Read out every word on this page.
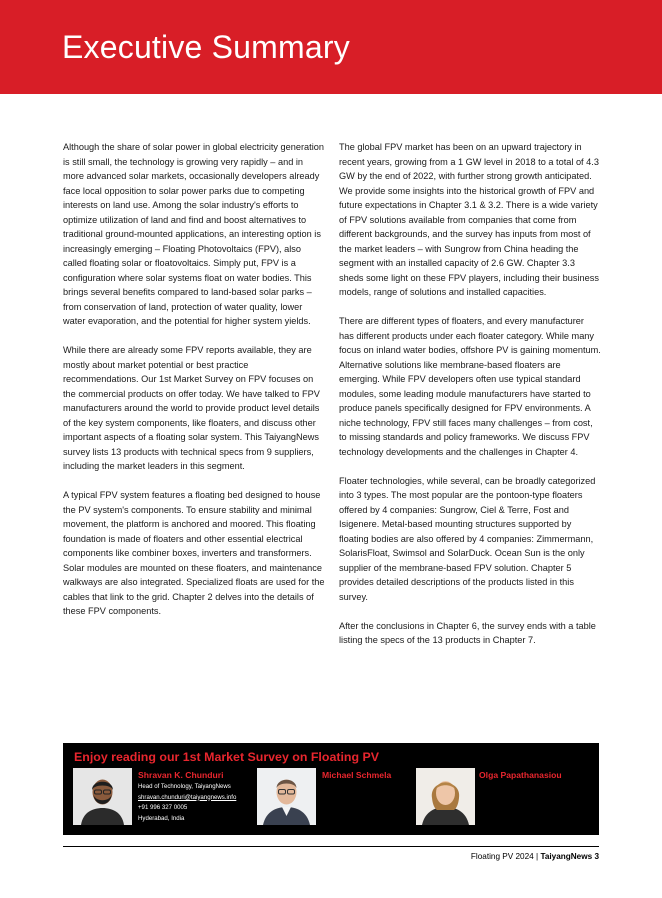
Executive Summary

Although the share of solar power in global electricity generation is still small, the technology is growing very rapidly – and in more advanced solar markets, occasionally developers already face local opposition to solar power parks due to competing interests on land use. Among the solar industry's efforts to optimize utilization of land and find and boost alternatives to traditional ground-mounted applications, an interesting option is increasingly emerging – Floating Photovoltaics (FPV), also called floating solar or floatovoltaics. Simply put, FPV is a configuration where solar systems float on water bodies. This brings several benefits compared to land-based solar parks – from conservation of land, protection of water quality, lower water evaporation, and the potential for higher system yields.

While there are already some FPV reports available, they are mostly about market potential or best practice recommendations. Our 1st Market Survey on FPV focuses on the commercial products on offer today. We have talked to FPV manufacturers around the world to provide product level details of the key system components, like floaters, and discuss other important aspects of a floating solar system. This TaiyangNews survey lists 13 products with technical specs from 9 suppliers, including the market leaders in this segment.

A typical FPV system features a floating bed designed to house the PV system's components. To ensure stability and minimal movement, the platform is anchored and moored. This floating foundation is made of floaters and other essential electrical components like combiner boxes, inverters and transformers. Solar modules are mounted on these floaters, and maintenance walkways are also integrated. Specialized floats are used for the cables that link to the grid. Chapter 2 delves into the details of these FPV components.

The global FPV market has been on an upward trajectory in recent years, growing from a 1 GW level in 2018 to a total of 4.3 GW by the end of 2022, with further strong growth anticipated. We provide some insights into the historical growth of FPV and future expectations in Chapter 3.1 & 3.2. There is a wide variety of FPV solutions available from companies that come from different backgrounds, and the survey has inputs from most of the market leaders – with Sungrow from China heading the segment with an installed capacity of 2.6 GW. Chapter 3.3 sheds some light on these FPV players, including their business models, range of solutions and installed capacities.

There are different types of floaters, and every manufacturer has different products under each floater category. While many focus on inland water bodies, offshore PV is gaining momentum. Alternative solutions like membrane-based floaters are emerging. While FPV developers often use typical standard modules, some leading module manufacturers have started to produce panels specifically designed for FPV environments. A niche technology, FPV still faces many challenges – from cost, to missing standards and policy frameworks. We discuss FPV technology developments and the challenges in Chapter 4.

Floater technologies, while several, can be broadly categorized into 3 types. The most popular are the pontoon-type floaters offered by 4 companies: Sungrow, Ciel & Terre, Fost and Isigenere. Metal-based mounting structures supported by floating bodies are also offered by 4 companies: Zimmermann, SolarisFloat, Swimsol and SolarDuck. Ocean Sun is the only supplier of the membrane-based FPV solution. Chapter 5 provides detailed descriptions of the products listed in this survey.

After the conclusions in Chapter 6, the survey ends with a table listing the specs of the 13 products in Chapter 7.

Enjoy reading our 1st Market Survey on Floating PV
Shravan K. Chunduri
Head of Technology, TaiyangNews
shravan.chunduri@taiyangnews.info
+91 996 327 0005
Hyderabad, India
Michael Schmela	Olga Papathanasiou
Floating PV 2024 | TaiyangNews 3
